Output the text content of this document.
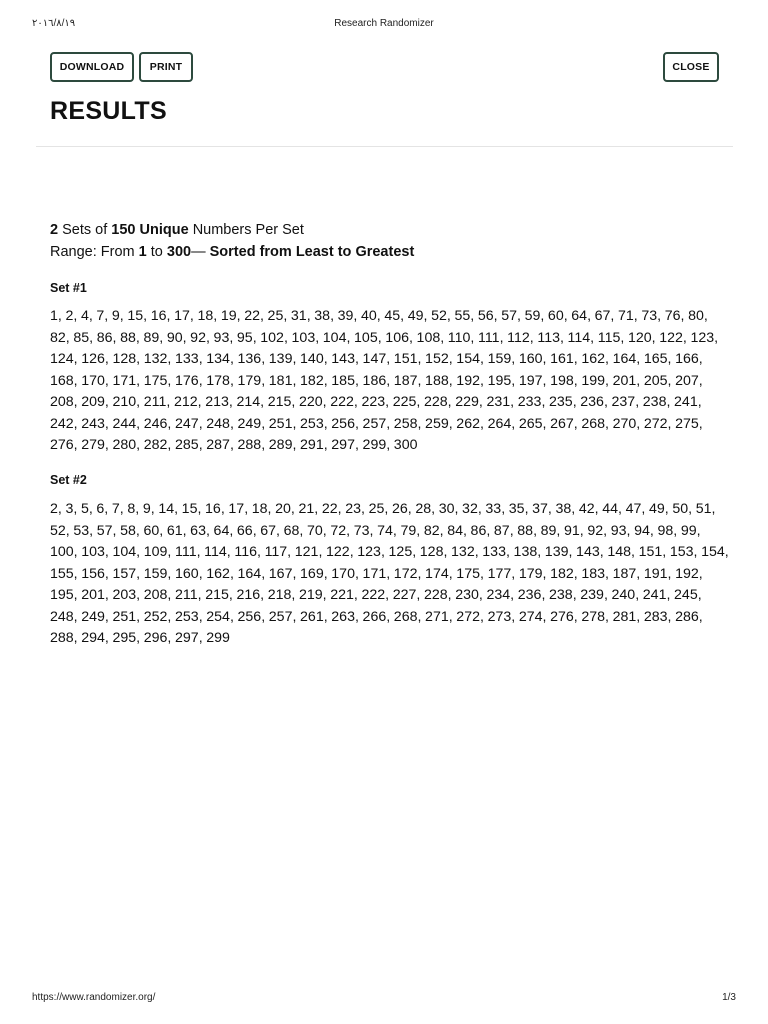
٢٠١٦/٨/١٩	Research Randomizer
DOWNLOAD	PRINT	CLOSE
RESULTS
2 Sets of 150 Unique Numbers Per Set
Range: From 1 to 300— Sorted from Least to Greatest
Set #1
1, 2, 4, 7, 9, 15, 16, 17, 18, 19, 22, 25, 31, 38, 39, 40, 45, 49, 52, 55, 56, 57, 59, 60, 64, 67, 71, 73, 76, 80, 82, 85, 86, 88, 89, 90, 92, 93, 95, 102, 103, 104, 105, 106, 108, 110, 111, 112, 113, 114, 115, 120, 122, 123, 124, 126, 128, 132, 133, 134, 136, 139, 140, 143, 147, 151, 152, 154, 159, 160, 161, 162, 164, 165, 166, 168, 170, 171, 175, 176, 178, 179, 181, 182, 185, 186, 187, 188, 192, 195, 197, 198, 199, 201, 205, 207, 208, 209, 210, 211, 212, 213, 214, 215, 220, 222, 223, 225, 228, 229, 231, 233, 235, 236, 237, 238, 241, 242, 243, 244, 246, 247, 248, 249, 251, 253, 256, 257, 258, 259, 262, 264, 265, 267, 268, 270, 272, 275, 276, 279, 280, 282, 285, 287, 288, 289, 291, 297, 299, 300
Set #2
2, 3, 5, 6, 7, 8, 9, 14, 15, 16, 17, 18, 20, 21, 22, 23, 25, 26, 28, 30, 32, 33, 35, 37, 38, 42, 44, 47, 49, 50, 51, 52, 53, 57, 58, 60, 61, 63, 64, 66, 67, 68, 70, 72, 73, 74, 79, 82, 84, 86, 87, 88, 89, 91, 92, 93, 94, 98, 99, 100, 103, 104, 109, 111, 114, 116, 117, 121, 122, 123, 125, 128, 132, 133, 138, 139, 143, 148, 151, 153, 154, 155, 156, 157, 159, 160, 162, 164, 167, 169, 170, 171, 172, 174, 175, 177, 179, 182, 183, 187, 191, 192, 195, 201, 203, 208, 211, 215, 216, 218, 219, 221, 222, 227, 228, 230, 234, 236, 238, 239, 240, 241, 245, 248, 249, 251, 252, 253, 254, 256, 257, 261, 263, 266, 268, 271, 272, 273, 274, 276, 278, 281, 283, 286, 288, 294, 295, 296, 297, 299
https://www.randomizer.org/	1/3
